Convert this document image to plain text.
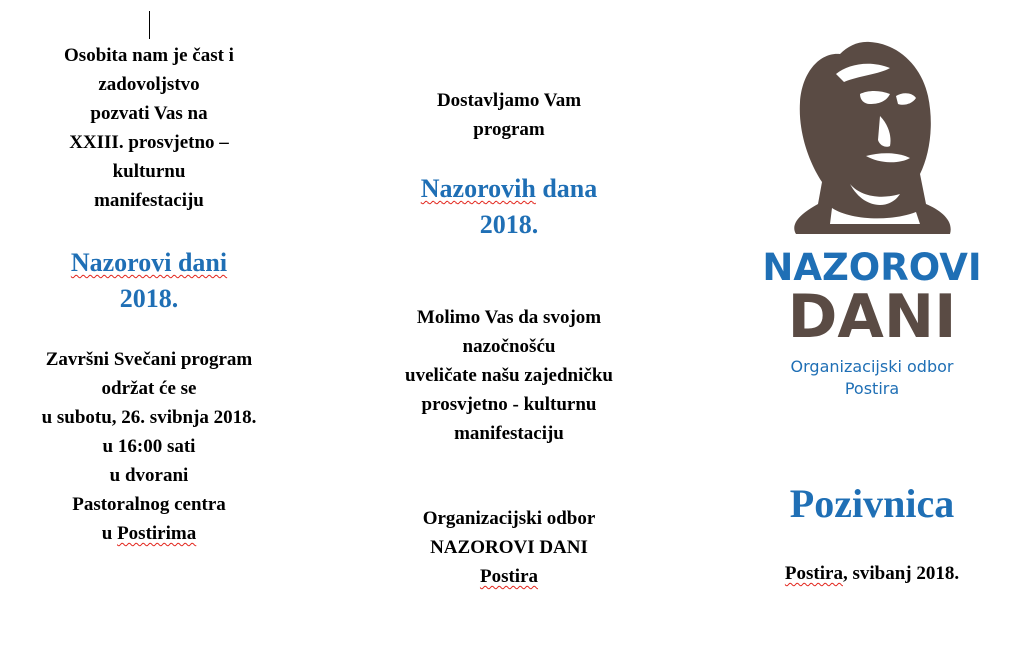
Osobita nam je čast i

zadovoljstvo

pozvati Vas na

XXIII. prosvjetno –

kulturnu

manifestaciju

Nazorovi dani

2018.

Završni Svečani program

održat će se

u subotu, 26. svibnja 2018.

u 16:00 sati

u dvorani

Pastoralnog centra

u Postirima

Dostavljamo Vam

program

Nazorovih dana

2018.

Molimo Vas da svojom

nazočnošću

uveličate našu zajedničku

prosvjetno - kulturnu

manifestaciju

Organizacijski odbor

NAZOROVI DANI

Postira

NAZOROVI
DANI
Organizacijski odbor
Postira
Pozivnica
Postira, svibanj 2018.
